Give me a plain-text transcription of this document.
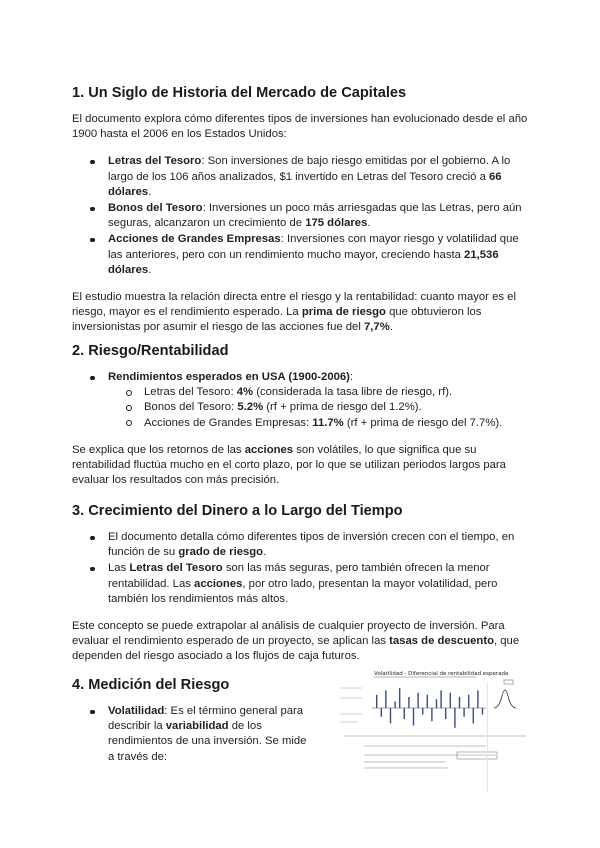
1. Un Siglo de Historia del Mercado de Capitales

El documento explora cómo diferentes tipos de inversiones han evolucionado desde el año 1900 hasta el 2006 en los Estados Unidos:

Letras del Tesoro: Son inversiones de bajo riesgo emitidas por el gobierno. A lo largo de los 106 años analizados, $1 invertido en Letras del Tesoro creció a 66 dólares.
Bonos del Tesoro: Inversiones un poco más arriesgadas que las Letras, pero aún seguras, alcanzaron un crecimiento de 175 dólares.
Acciones de Grandes Empresas: Inversiones con mayor riesgo y volatilidad que las anteriores, pero con un rendimiento mucho mayor, creciendo hasta 21,536 dólares.

El estudio muestra la relación directa entre el riesgo y la rentabilidad: cuanto mayor es el riesgo, mayor es el rendimiento esperado. La prima de riesgo que obtuvieron los inversionistas por asumir el riesgo de las acciones fue del 7,7%.

2. Riesgo/Rentabilidad
Rendimientos esperados en USA (1900-2006):
Letras del Tesoro: 4% (considerada la tasa libre de riesgo, rf).
Bonos del Tesoro: 5.2% (rf + prima de riesgo del 1.2%).
Acciones de Grandes Empresas: 11.7% (rf + prima de riesgo del 7.7%).

Se explica que los retornos de las acciones son volátiles, lo que significa que su rentabilidad fluctúa mucho en el corto plazo, por lo que se utilizan periodos largos para evaluar los resultados con más precisión.

3. Crecimiento del Dinero a lo Largo del Tiempo
El documento detalla cómo diferentes tipos de inversión crecen con el tiempo, en función de su grado de riesgo.
Las Letras del Tesoro son las más seguras, pero también ofrecen la menor rentabilidad. Las acciones, por otro lado, presentan la mayor volatilidad, pero también los rendimientos más altos.

Este concepto se puede extrapolar al análisis de cualquier proyecto de inversión. Para evaluar el rendimiento esperado de un proyecto, se aplican las tasas de descuento, que dependen del riesgo asociado a los flujos de caja futuros.

4. Medición del Riesgo
Volatilidad: Es el término general para describir la variabilidad de los rendimientos de una inversión. Se mide a través de:
Volatilidad - Diferencial de rentabilidad esperada
